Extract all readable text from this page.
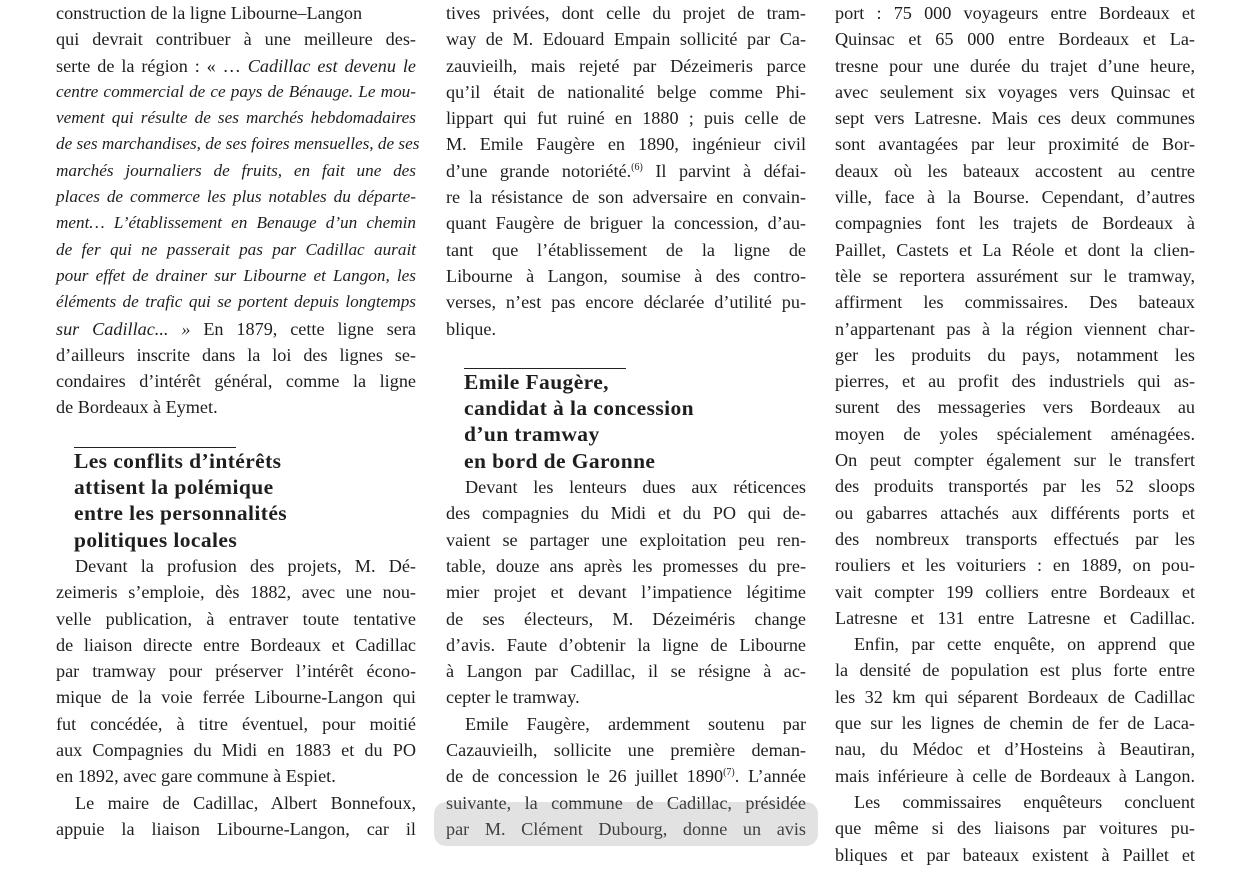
construction de la ligne Libourne–Langon
qui devrait contribuer à une meilleure des-
serte de la région : « … Cadillac est devenu le
centre commercial de ce pays de Bénauge. Le mou-
vement qui résulte de ses marchés hebdomadaires
de ses marchandises, de ses foires mensuelles, de ses
marchés journaliers de fruits, en fait une des
places de commerce les plus notables du départe-
ment… L’établissement en Benauge d’un chemin
de fer qui ne passerait pas par Cadillac aurait
pour effet de drainer sur Libourne et Langon, les
éléments de trafic qui se portent depuis longtemps
sur Cadillac... » En 1879, cette ligne sera
d’ailleurs inscrite dans la loi des lignes se-
condaires d’intérêt général, comme la ligne
de Bordeaux à Eymet.
Les conflits d’intérêts
attisent la polémique
entre les personnalités
politiques locales
Devant la profusion des projets, M. Dé-
zeimeris s’emploie, dès 1882, avec une nou-
velle publication, à entraver toute tentative
de liaison directe entre Bordeaux et Cadillac
par tramway pour préserver l’intérêt écono-
mique de la voie ferrée Libourne-Langon qui
fut concédée, à titre éventuel, pour moitié
aux Compagnies du Midi en 1883 et du PO
en 1892, avec gare commune à Espiet.
Le maire de Cadillac, Albert Bonnefoux,
appuie la liaison Libourne-Langon, car il
tives privées, dont celle du projet de tram-
way de M. Edouard Empain sollicité par Ca-
zauvieilh, mais rejeté par Dézeimeris parce
qu’il était de nationalité belge comme Phi-
lippart qui fut ruiné en 1880 ; puis celle de
M. Emile Faugère en 1890, ingénieur civil
d’une grande notoriété.$^{(6)}$ Il parvint à défai-
re la résistance de son adversaire en convain-
quant Faugère de briguer la concession, d’au-
tant que l’établissement de la ligne de
Libourne à Langon, soumise à des contro-
verses, n’est pas encore déclarée d’utilité pu-
blique.
Emile Faugère,
candidat à la concession
d’un tramway
en bord de Garonne
Devant les lenteurs dues aux réticences
des compagnies du Midi et du PO qui de-
vaient se partager une exploitation peu ren-
table, douze ans après les promesses du pre-
mier projet et devant l’impatience légitime
de ses électeurs, M. Dézeiméris change
d’avis. Faute d’obtenir la ligne de Libourne
à Langon par Cadillac, il se résigne à ac-
cepter le tramway.
Emile Faugère, ardemment soutenu par
Cazauvieilh, sollicite une première deman-
de de concession le 26 juillet 1890$^{(7)}$. L’année
suivante, la commune de Cadillac, présidée
par M. Clément Dubourg, donne un avis
port : 75 000 voyageurs entre Bordeaux et
Quinsac et 65 000 entre Bordeaux et La-
tresne pour une durée du trajet d’une heure,
avec seulement six voyages vers Quinsac et
sept vers Latresne. Mais ces deux communes
sont avantagées par leur proximité de Bor-
deaux où les bateaux accostent au centre
ville, face à la Bourse. Cependant, d’autres
compagnies font les trajets de Bordeaux à
Paillet, Castets et La Réole et dont la clien-
tèle se reportera assurément sur le tramway,
affirment les commissaires. Des bateaux
n’appartenant pas à la région viennent char-
ger les produits du pays, notamment les
pierres, et au profit des industriels qui as-
surent des messageries vers Bordeaux au
moyen de yoles spécialement aménagées.
On peut compter également sur le transfert
des produits transportés par les 52 sloops
ou gabarres attachés aux différents ports et
des nombreux transports effectués par les
rouliers et les voituriers : en 1889, on pou-
vait compter 199 colliers entre Bordeaux et
Latresne et 131 entre Latresne et Cadillac.
Enfin, par cette enquête, on apprend que
la densité de population est plus forte entre
les 32 km qui séparent Bordeaux de Cadillac
que sur les lignes de chemin de fer de Laca-
nau, du Médoc et d’Hosteins à Beautiran,
mais inférieure à celle de Bordeaux à Langon.
Les commissaires enquêteurs concluent
que même si des liaisons par voitures pu-
bliques et par bateaux existent à Paillet et
